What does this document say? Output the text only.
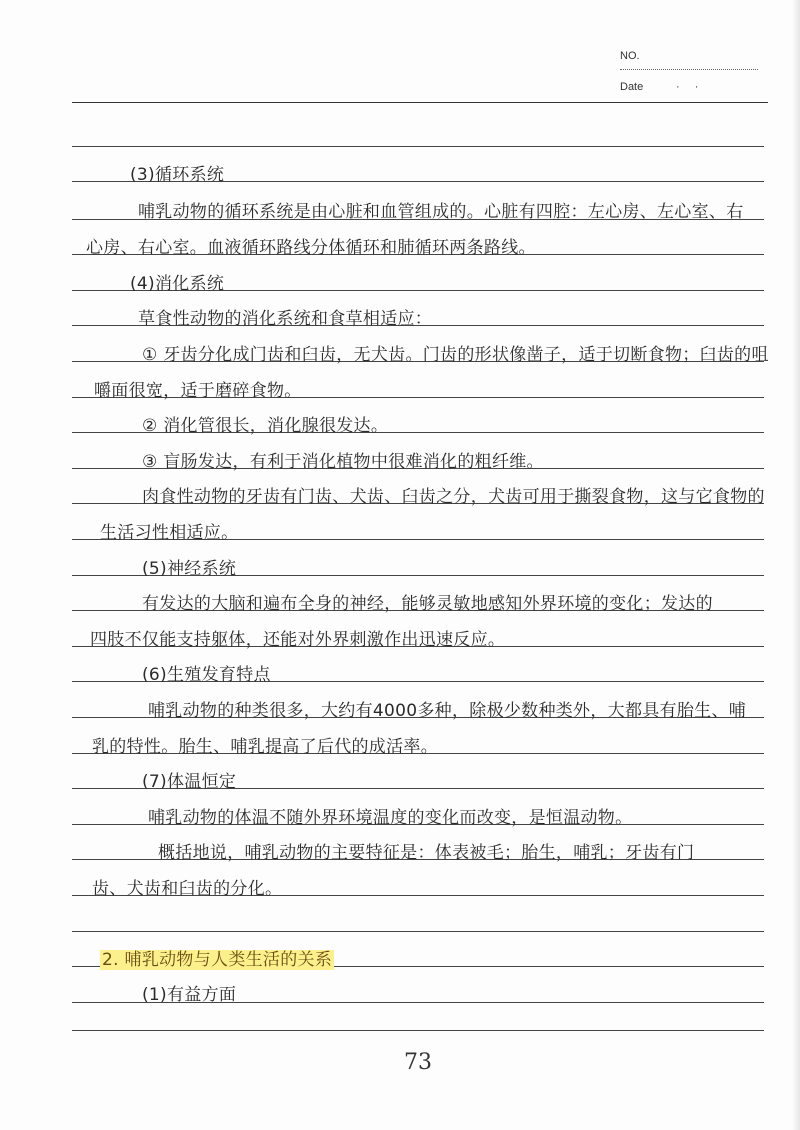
NO.
Date	· ·
(3)循环系统
哺乳动物的循环系统是由心脏和血管组成的。心脏有四腔：左心房、左心室、右
心房、右心室。血液循环路线分体循环和肺循环两条路线。
(4)消化系统
草食性动物的消化系统和食草相适应：
① 牙齿分化成门齿和臼齿，无犬齿。门齿的形状像凿子，适于切断食物；臼齿的咀
嚼面很宽，适于磨碎食物。
② 消化管很长，消化腺很发达。
③ 盲肠发达，有利于消化植物中很难消化的粗纤维。
肉食性动物的牙齿有门齿、犬齿、臼齿之分，犬齿可用于撕裂食物，这与它食物的
生活习性相适应。
(5)神经系统
有发达的大脑和遍布全身的神经，能够灵敏地感知外界环境的变化；发达的
四肢不仅能支持躯体，还能对外界刺激作出迅速反应。
(6)生殖发育特点
哺乳动物的种类很多，大约有4000多种，除极少数种类外，大都具有胎生、哺
乳的特性。胎生、哺乳提高了后代的成活率。
(7)体温恒定
哺乳动物的体温不随外界环境温度的变化而改变，是恒温动物。
概括地说，哺乳动物的主要特征是：体表被毛；胎生，哺乳；牙齿有门
齿、犬齿和臼齿的分化。
2. 哺乳动物与人类生活的关系
(1)有益方面
73
